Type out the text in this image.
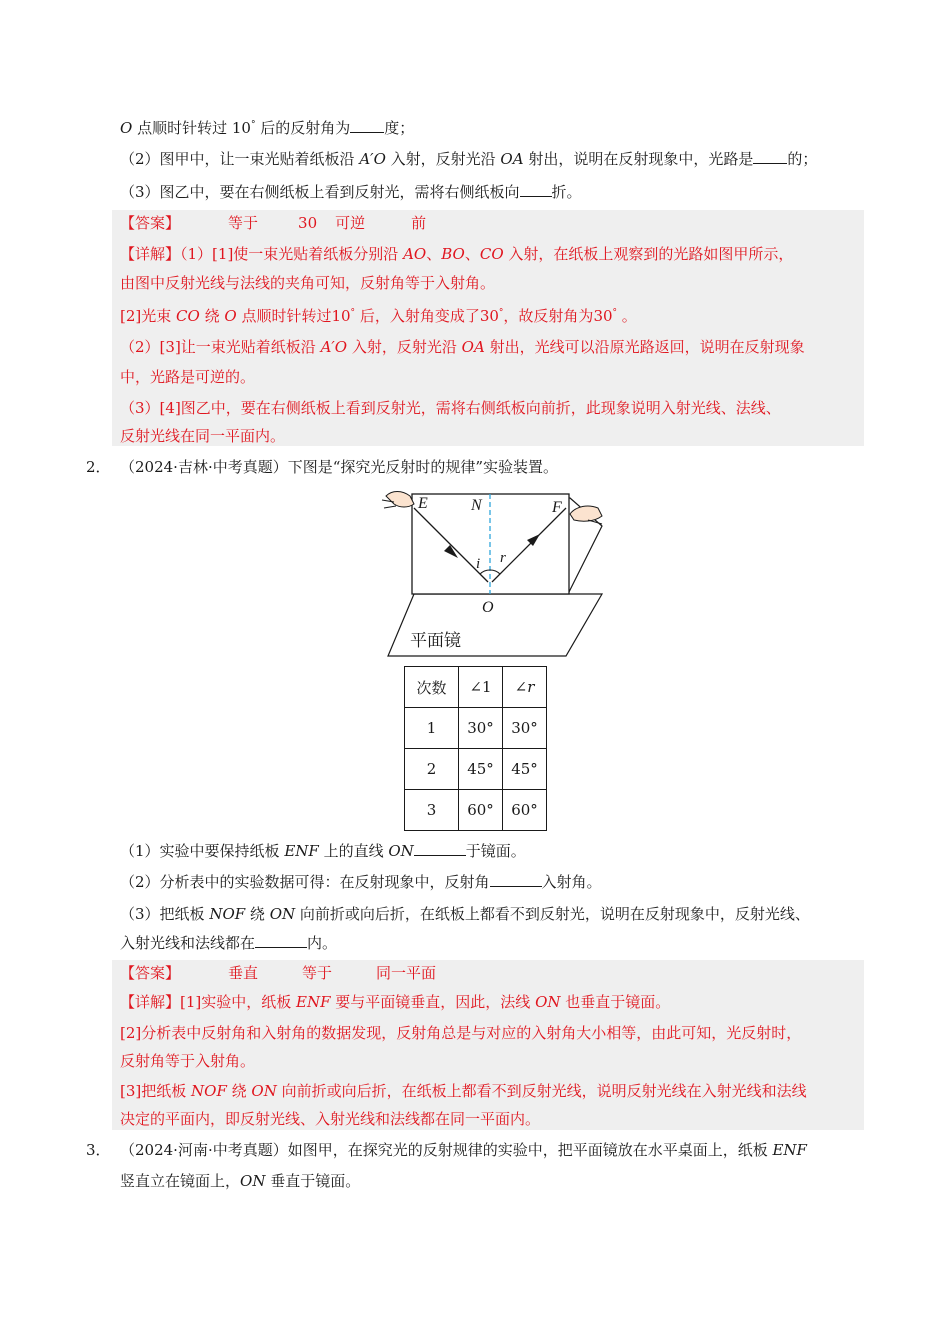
O 点顺时针转过 10° 后的反射角为 度；
（2）图甲中，让一束光贴着纸板沿 A′O 入射，反射光沿 OA 射出，说明在反射现象中，光路是 的；
（3）图乙中，要在右侧纸板上看到反射光，需将右侧纸板向 折。
【答案】	等于	30 可逆	前
【详解】（1）[1]使一束光贴着纸板分别沿 AO、BO、CO 入射，在纸板上观察到的光路如图甲所示，
由图中反射光线与法线的夹角可知，反射角等于入射角。
[2]光束 CO 绕 O 点顺时针转过10° 后，入射角变成了30°，故反射角为30° 。
（2）[3]让一束光贴着纸板沿 A′O 入射，反射光沿 OA 射出，光线可以沿原光路返回，说明在反射现象
中，光路是可逆的。
（3）[4]图乙中，要在右侧纸板上看到反射光，需将右侧纸板向前折，此现象说明入射光线、法线、
反射光线在同一平面内。
2． （2024·吉林·中考真题）下图是“探究光反射时的规律”实验装置。
E	N	F
i r
O
平面镜
次数	∠1	∠r
1	30°	30°
2	45°	45°
3	60°	60°
（1）实验中要保持纸板 ENF 上的直线 ON	于镜面。
（2）分析表中的实验数据可得：在反射现象中，反射角	入射角。
（3）把纸板 NOF 绕 ON 向前折或向后折，在纸板上都看不到反射光，说明在反射现象中，反射光线、
入射光线和法线都在	内。
【答案】	垂直	等于	同一平面
【详解】[1]实验中，纸板 ENF 要与平面镜垂直，因此，法线 ON 也垂直于镜面。
[2]分析表中反射角和入射角的数据发现，反射角总是与对应的入射角大小相等，由此可知，光反射时，
反射角等于入射角。
[3]把纸板 NOF 绕 ON 向前折或向后折，在纸板上都看不到反射光线，说明反射光线在入射光线和法线
决定的平面内，即反射光线、入射光线和法线都在同一平面内。
3． （2024·河南·中考真题）如图甲，在探究光的反射规律的实验中，把平面镜放在水平桌面上，纸板 ENF
竖直立在镜面上，ON 垂直于镜面。
